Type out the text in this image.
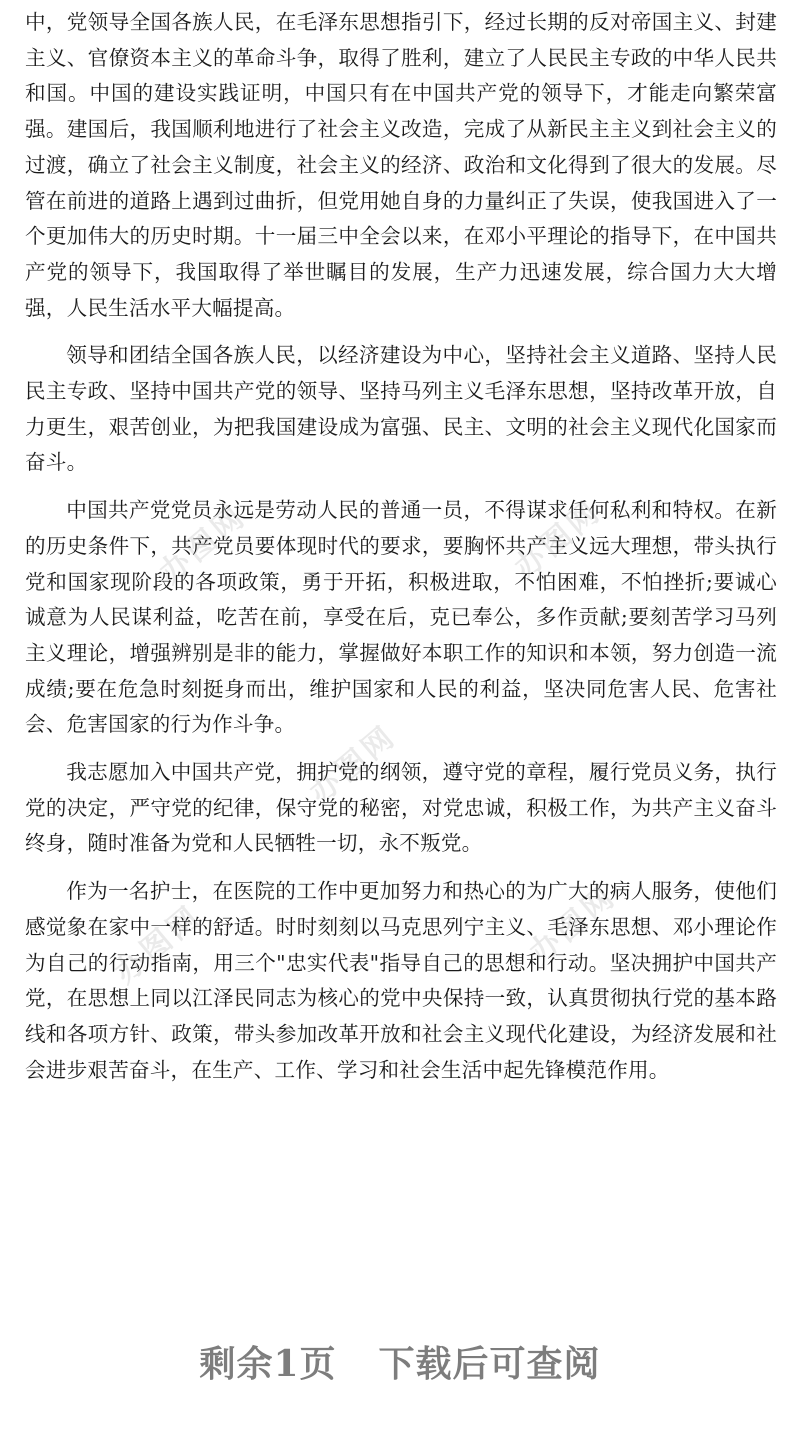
办图网	办图网
办图网
办图网	办图网

中，党领导全国各族人民，在毛泽东思想指引下，经过长期的反对帝国主义、封建主义、官僚资本主义的革命斗争，取得了胜利，建立了人民民主专政的中华人民共和国。中国的建设实践证明，中国只有在中国共产党的领导下，才能走向繁荣富强。建国后，我国顺利地进行了社会主义改造，完成了从新民主主义到社会主义的过渡，确立了社会主义制度，社会主义的经济、政治和文化得到了很大的发展。尽管在前进的道路上遇到过曲折，但党用她自身的力量纠正了失误，使我国进入了一个更加伟大的历史时期。十一届三中全会以来，在邓小平理论的指导下，在中国共产党的领导下，我国取得了举世瞩目的发展，生产力迅速发展，综合国力大大增强，人民生活水平大幅提高。

领导和团结全国各族人民，以经济建设为中心，坚持社会主义道路、坚持人民民主专政、坚持中国共产党的领导、坚持马列主义毛泽东思想，坚持改革开放，自力更生，艰苦创业，为把我国建设成为富强、民主、文明的社会主义现代化国家而奋斗。

中国共产党党员永远是劳动人民的普通一员，不得谋求任何私利和特权。在新的历史条件下，共产党员要体现时代的要求，要胸怀共产主义远大理想，带头执行党和国家现阶段的各项政策，勇于开拓，积极进取，不怕困难，不怕挫折;要诚心诚意为人民谋利益，吃苦在前，享受在后，克已奉公，多作贡献;要刻苦学习马列主义理论，增强辨别是非的能力，掌握做好本职工作的知识和本领，努力创造一流成绩;要在危急时刻挺身而出，维护国家和人民的利益，坚决同危害人民、危害社会、危害国家的行为作斗争。

我志愿加入中国共产党，拥护党的纲领，遵守党的章程，履行党员义务，执行党的决定，严守党的纪律，保守党的秘密，对党忠诚，积极工作，为共产主义奋斗终身，随时准备为党和人民牺牲一切，永不叛党。

作为一名护士，在医院的工作中更加努力和热心的为广大的病人服务，使他们感觉象在家中一样的舒适。时时刻刻以马克思列宁主义、毛泽东思想、邓小理论作为自己的行动指南，用三个"忠实代表"指导自己的思想和行动。坚决拥护中国共产党，在思想上同以江泽民同志为核心的党中央保持一致，认真贯彻执行党的基本路线和各项方针、政策，带头参加改革开放和社会主义现代化建设，为经济发展和社会进步艰苦奋斗，在生产、工作、学习和社会生活中起先锋模范作用。

剩余1页 下载后可查阅
